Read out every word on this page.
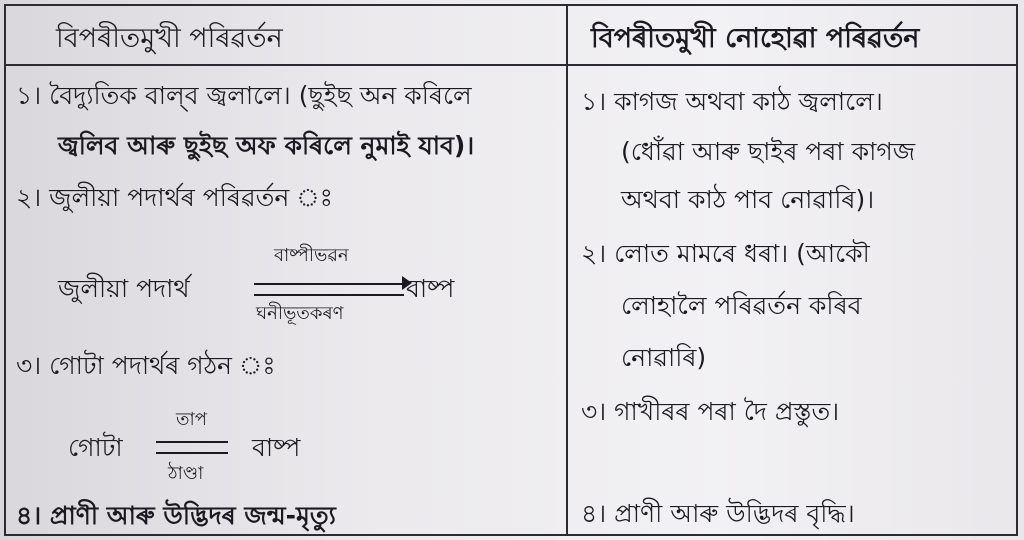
বিপৰীতমুখী পৰিৱৰ্তন	বিপৰীতমুখী নোহোৱা পৰিৱৰ্তন
১। বৈদ্যুতিক বাল্‌ব জ্বলালে। (ছুইছ অন কৰিলে
জ্বলিব আৰু ছুইছ অফ কৰিলে নুমাই যাব)।
২। জুলীয়া পদাৰ্থৰ পৰিৱৰ্তন ঃ
জুলীয়া পদাৰ্থ
বাষ্পীভৱন
ঘনীভূতকৰণ
বাষ্প
৩। গোটা পদাৰ্থৰ গঠন ঃ
গোটা
তাপ
ঠাণ্ডা
বাষ্প
৪। প্ৰাণী আৰু উদ্ভিদৰ জন্ম-মৃত্যু
১। কাগজ অথবা কাঠ জ্বলালে।
(ধোঁৱা আৰু ছাইৰ পৰা কাগজ
অথবা কাঠ পাব নোৱাৰি)।
২। লোত মামৰে ধৰা। (আকৌ
লোহালৈ পৰিৱৰ্তন কৰিব
নোৱাৰি)
৩। গাখীৰৰ পৰা দৈ প্ৰস্তুত।
৪। প্ৰাণী আৰু উদ্ভিদৰ বৃদ্ধি।
